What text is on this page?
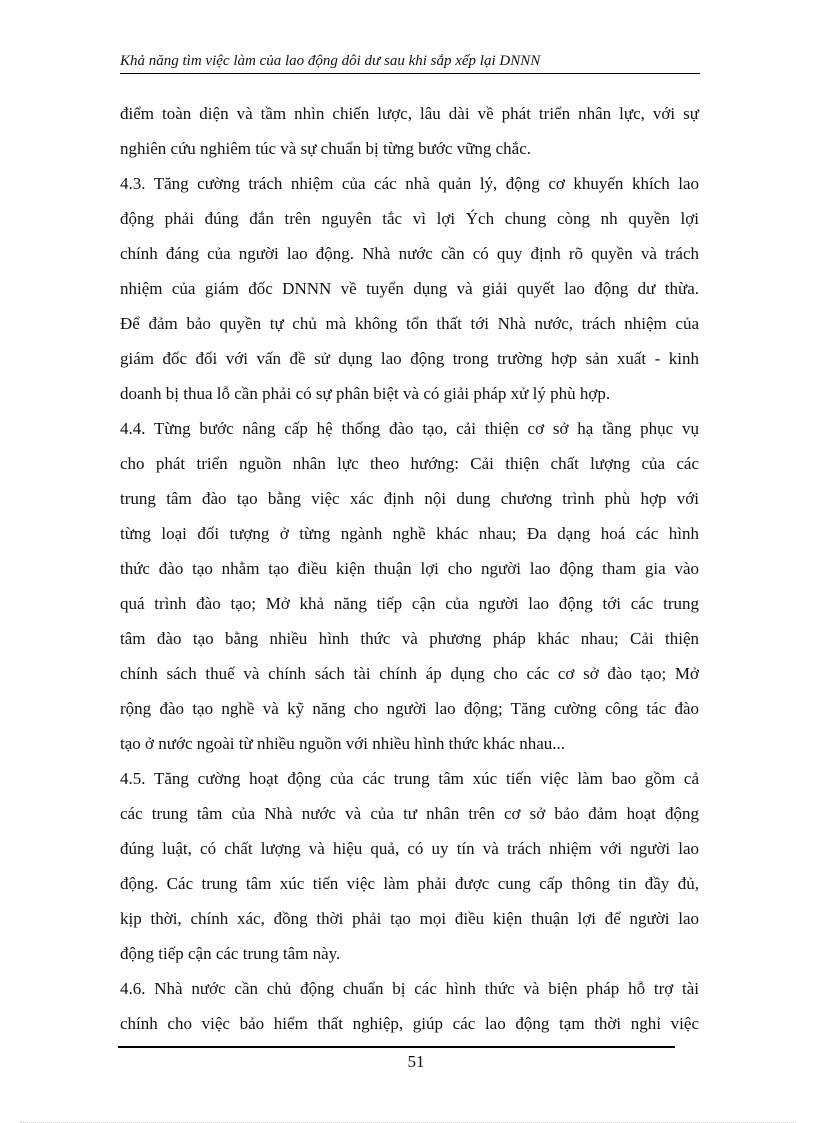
Khả năng tìm việc làm của lao động dôi dư sau khi sắp xếp lại DNNN
điểm toàn diện và tầm nhìn chiến lược, lâu dài về phát triển nhân lực, với sự
nghiên cứu nghiêm túc và sự chuẩn bị từng bước vững chắc.
4.3. Tăng cường trách nhiệm của các nhà quản lý, động cơ khuyến khích lao
động phải đúng đắn trên nguyên tắc vì lợi Ých chung còng nh quyền lợi
chính đáng của người lao động. Nhà nước cần có quy định rõ quyền và trách
nhiệm của giám đốc DNNN về tuyển dụng và giải quyết lao động dư thừa.
Để đảm bảo quyền tự chủ mà không tổn thất tới Nhà nước, trách nhiệm của
giám đốc đối với vấn đề sử dụng lao động trong trường hợp sản xuất - kinh
doanh bị thua lỗ cần phải có sự phân biệt và có giải pháp xử lý phù hợp.
4.4. Từng bước nâng cấp hệ thống đào tạo, cải thiện cơ sở hạ tầng phục vụ
cho phát triển nguồn nhân lực theo hướng: Cải thiện chất lượng của các
trung tâm đào tạo bằng việc xác định nội dung chương trình phù hợp với
từng loại đối tượng ở từng ngành nghề khác nhau; Đa dạng hoá các hình
thức đào tạo nhằm tạo điều kiện thuận lợi cho người lao động tham gia vào
quá trình đào tạo; Mở khả năng tiếp cận của người lao động tới các trung
tâm đào tạo bằng nhiều hình thức và phương pháp khác nhau; Cải thiện
chính sách thuế và chính sách tài chính áp dụng cho các cơ sở đào tạo; Mở
rộng đào tạo nghề và kỹ năng cho người lao động; Tăng cường công tác đào
tạo ở nước ngoài từ nhiều nguồn với nhiều hình thức khác nhau...
4.5. Tăng cường hoạt động của các trung tâm xúc tiến việc làm bao gồm cả
các trung tâm của Nhà nước và của tư nhân trên cơ sở bảo đảm hoạt động
đúng luật, có chất lượng và hiệu quả, có uy tín và trách nhiệm với người lao
động. Các trung tâm xúc tiến việc làm phải được cung cấp thông tin đầy đủ,
kịp thời, chính xác, đồng thời phải tạo mọi điều kiện thuận lợi để người lao
động tiếp cận các trung tâm này.
4.6. Nhà nước cần chủ động chuẩn bị các hình thức và biện pháp hỗ trợ tài
chính cho việc bảo hiểm thất nghiệp, giúp các lao động tạm thời nghỉ việc
51
